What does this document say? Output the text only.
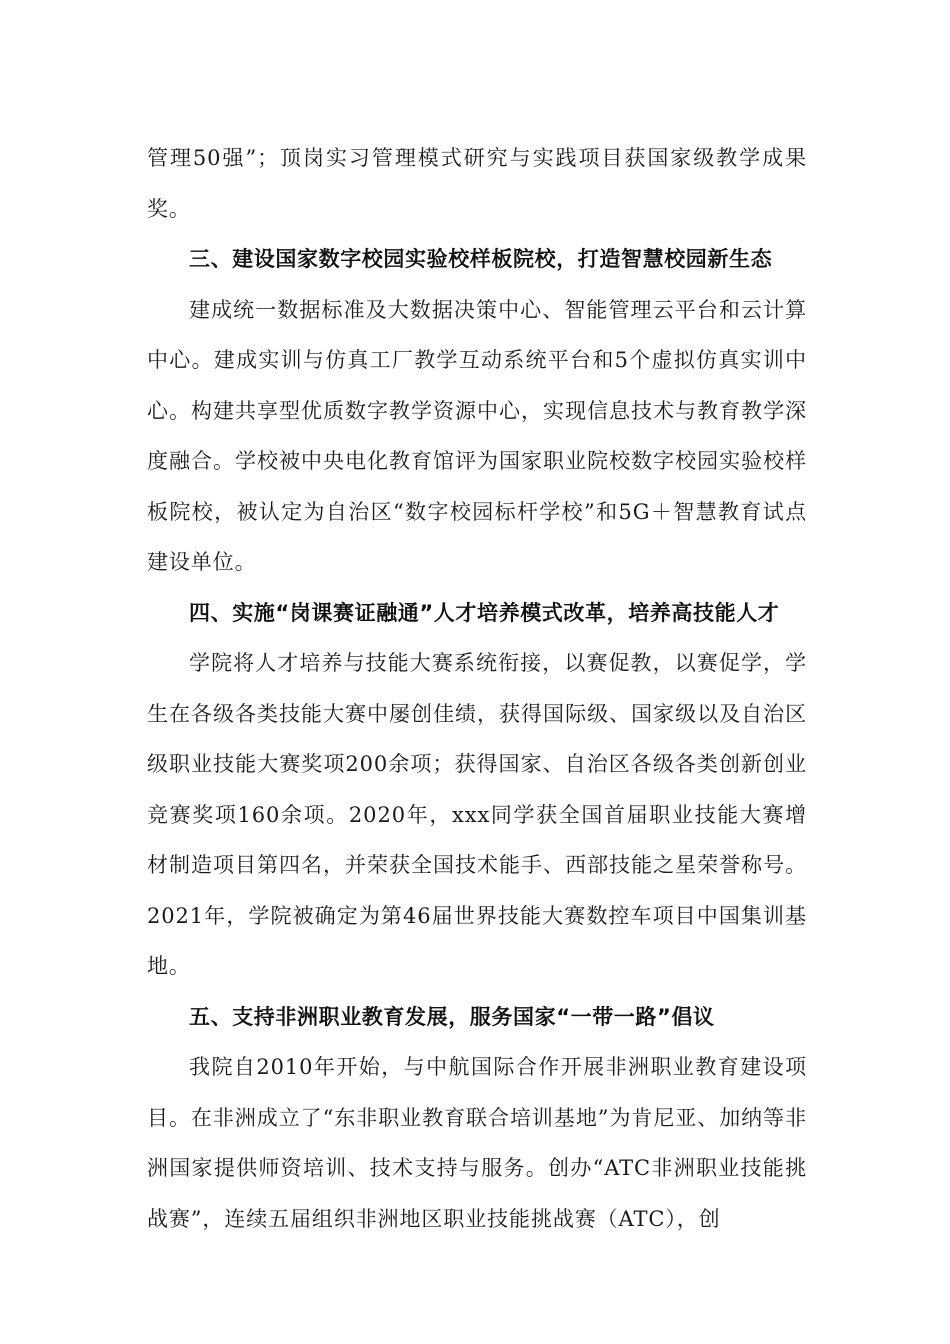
管理50强”；顶岗实习管理模式研究与实践项目获国家级教学成果奖。

三、建设国家数字校园实验校样板院校，打造智慧校园新生态

建成统一数据标准及大数据决策中心、智能管理云平台和云计算中心。建成实训与仿真工厂教学互动系统平台和5个虚拟仿真实训中心。构建共享型优质数字教学资源中心，实现信息技术与教育教学深度融合。学校被中央电化教育馆评为国家职业院校数字校园实验校样板院校，被认定为自治区“数字校园标杆学校”和5G＋智慧教育试点建设单位。

四、实施“岗课赛证融通”人才培养模式改革，培养高技能人才

学院将人才培养与技能大赛系统衔接，以赛促教，以赛促学，学生在各级各类技能大赛中屡创佳绩，获得国际级、国家级以及自治区级职业技能大赛奖项200余项；获得国家、自治区各级各类创新创业竞赛奖项160余项。2020年，xxx同学获全国首届职业技能大赛增材制造项目第四名，并荣获全国技术能手、西部技能之星荣誉称号。2021年，学院被确定为第46届世界技能大赛数控车项目中国集训基地。

五、支持非洲职业教育发展，服务国家“一带一路”倡议

我院自2010年开始，与中航国际合作开展非洲职业教育建设项目。在非洲成立了“东非职业教育联合培训基地”为肯尼亚、加纳等非洲国家提供师资培训、技术支持与服务。创办“ATC非洲职业技能挑战赛”，连续五届组织非洲地区职业技能挑战赛（ATC），创
